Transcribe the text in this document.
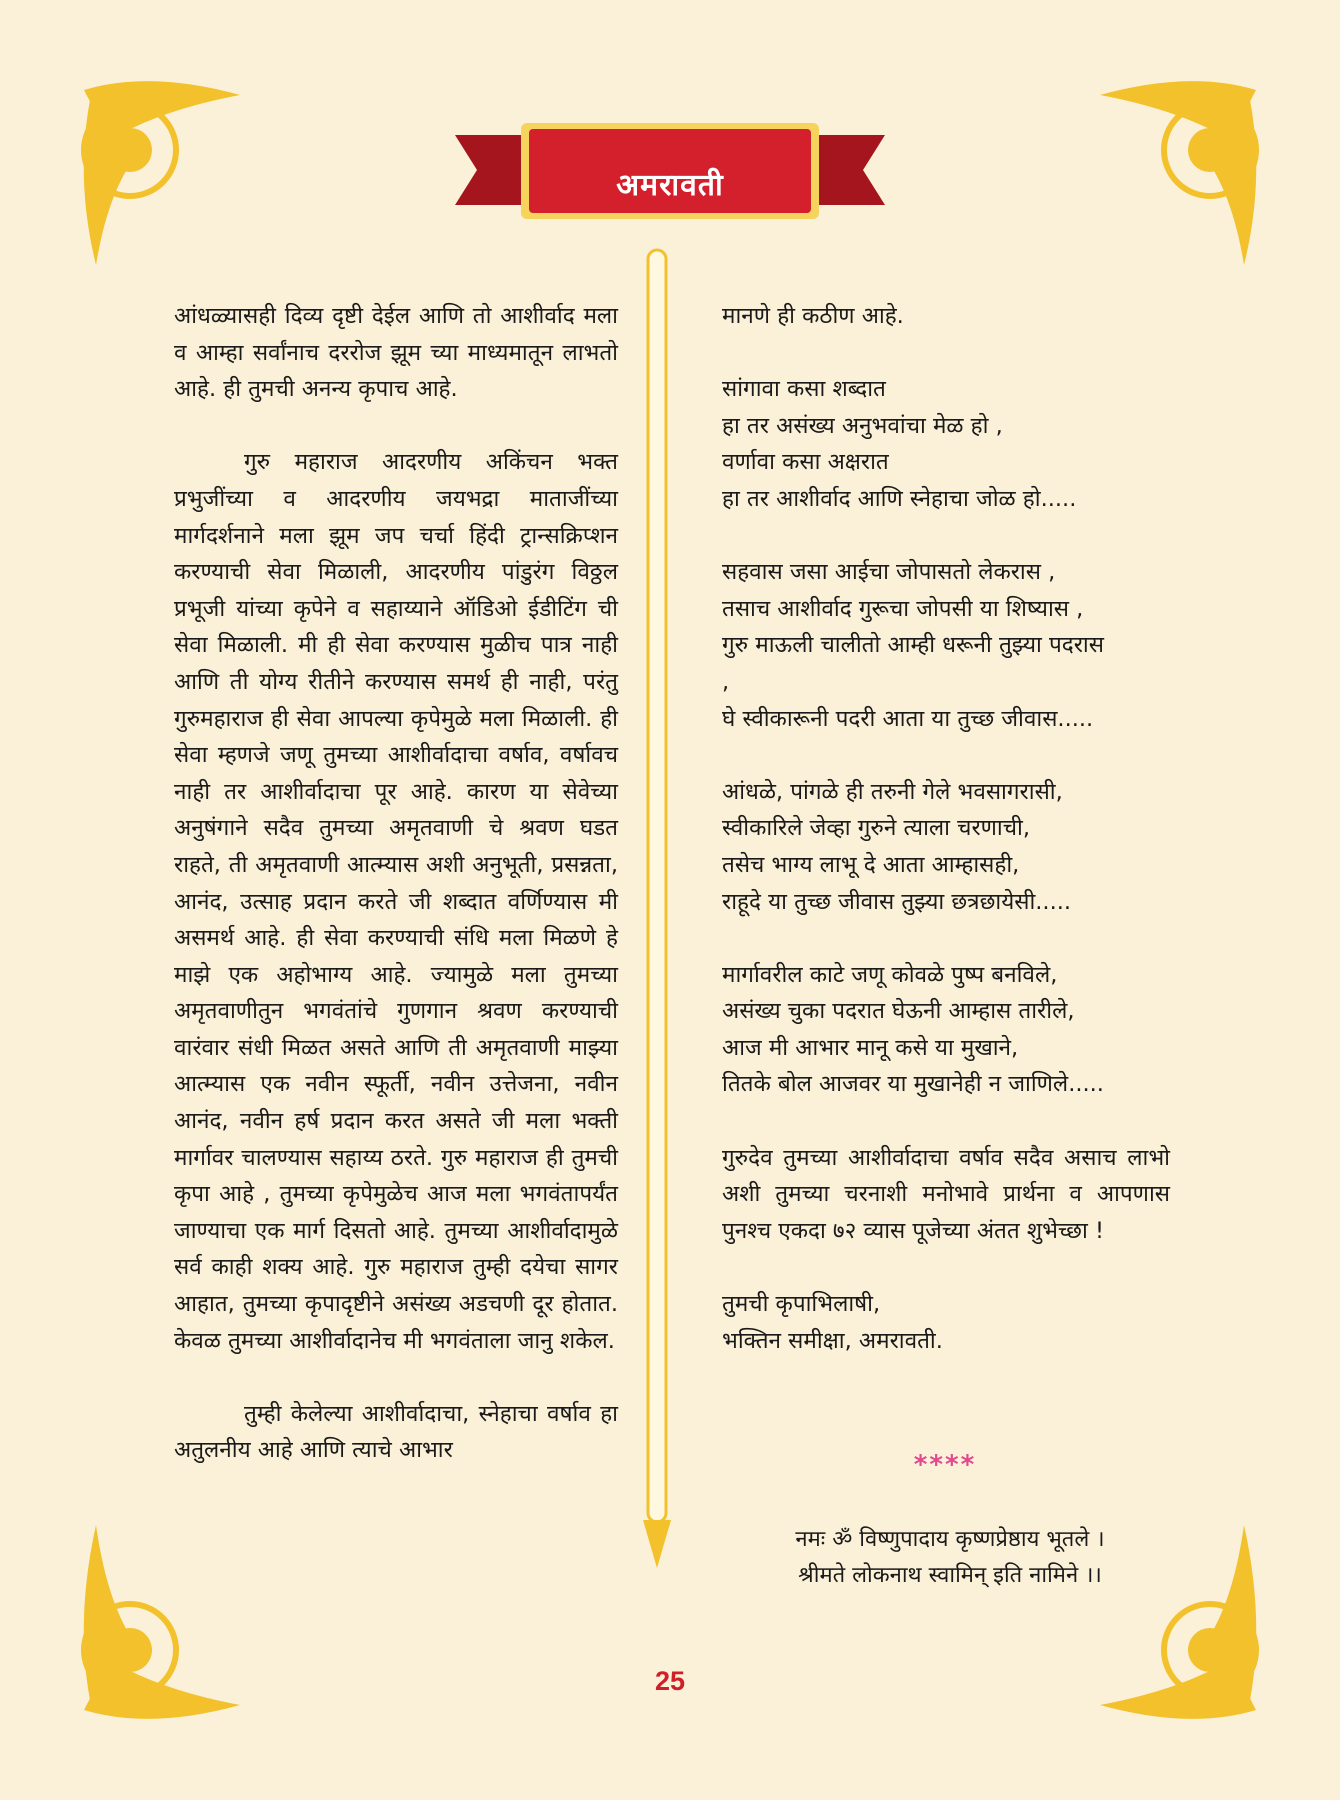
अमरावती

आंधळ्यासही दिव्य दृष्टी देईल आणि तो आशीर्वाद मला व आम्हा सर्वांनाच दररोज झूम च्या माध्यमातून लाभतो आहे. ही तुमची अनन्य कृपाच आहे.

गुरु महाराज आदरणीय अकिंचन भक्त प्रभुजींच्या व आदरणीय जयभद्रा माताजींच्या मार्गदर्शनाने मला झूम जप चर्चा हिंदी ट्रान्सक्रिप्शन करण्याची सेवा मिळाली, आदरणीय पांडुरंग विठ्ठल प्रभूजी यांच्या कृपेने व सहाय्याने ऑडिओ ईडीटिंग ची सेवा मिळाली. मी ही सेवा करण्यास मुळीच पात्र नाही आणि ती योग्य रीतीने करण्यास समर्थ ही नाही, परंतु गुरुमहाराज ही सेवा आपल्या कृपेमुळे मला मिळाली. ही सेवा म्हणजे जणू तुमच्या आशीर्वादाचा वर्षाव, वर्षावच नाही तर आशीर्वादाचा पूर आहे. कारण या सेवेच्या अनुषंगाने सदैव तुमच्या अमृतवाणी चे श्रवण घडत राहते, ती अमृतवाणी आत्म्यास अशी अनुभूती, प्रसन्नता, आनंद, उत्साह प्रदान करते जी शब्दात वर्णिण्यास मी असमर्थ आहे. ही सेवा करण्याची संधि मला मिळणे हे माझे एक अहोभाग्य आहे. ज्यामुळे मला तुमच्या अमृतवाणीतुन भगवंतांचे गुणगान श्रवण करण्याची वारंवार संधी मिळत असते आणि ती अमृतवाणी माझ्या आत्म्यास एक नवीन स्फूर्ती, नवीन उत्तेजना, नवीन आनंद, नवीन हर्ष प्रदान करत असते जी मला भक्ती मार्गावर चालण्यास सहाय्य ठरते. गुरु महाराज ही तुमची कृपा आहे , तुमच्या कृपेमुळेच आज मला भगवंतापर्यंत जाण्याचा एक मार्ग दिसतो आहे. तुमच्या आशीर्वादामुळे सर्व काही शक्य आहे. गुरु महाराज तुम्ही दयेचा सागर आहात, तुमच्या कृपादृष्टीने असंख्य अडचणी दूर होतात. केवळ तुमच्या आशीर्वादानेच मी भगवंताला जानु शकेल.

तुम्ही केलेल्या आशीर्वादाचा, स्नेहाचा वर्षाव हा अतुलनीय आहे आणि त्याचे आभार

मानणे ही कठीण आहे.

सांगावा कसा शब्दात

हा तर असंख्य अनुभवांचा मेळ हो ,

वर्णावा कसा अक्षरात

हा तर आशीर्वाद आणि स्नेहाचा जोळ हो.....

सहवास जसा आईचा जोपासतो लेकरास ,

तसाच आशीर्वाद गुरूचा जोपसी या शिष्यास ,

गुरु माऊली चालीतो आम्ही धरूनी तुझ्या पदरास

,

घे स्वीकारूनी पदरी आता या तुच्छ जीवास.....

आंधळे, पांगळे ही तरुनी गेले भवसागरासी,

स्वीकारिले जेव्हा गुरुने त्याला चरणाची,

तसेच भाग्य लाभू दे आता आम्हासही,

राहूदे या तुच्छ जीवास तुझ्या छत्रछायेसी.....

मार्गावरील काटे जणू कोवळे पुष्प बनविले,

असंख्य चुका पदरात घेऊनी आम्हास तारीले,

आज मी आभार मानू कसे या मुखाने,

तितके बोल आजवर या मुखानेही न जाणिले.....

गुरुदेव तुमच्या आशीर्वादाचा वर्षाव सदैव असाच लाभो अशी तुमच्या चरनाशी मनोभावे प्रार्थना व आपणास पुनश्च एकदा ७२ व्यास पूजेच्या अंतत शुभेच्छा !

तुमची कृपाभिलाषी,

भक्तिन समीक्षा, अमरावती.

****

नमः ॐ विष्णुपादाय कृष्णप्रेष्ठाय भूतले ।

श्रीमते लोकनाथ स्वामिन् इति नामिने ।।

25
